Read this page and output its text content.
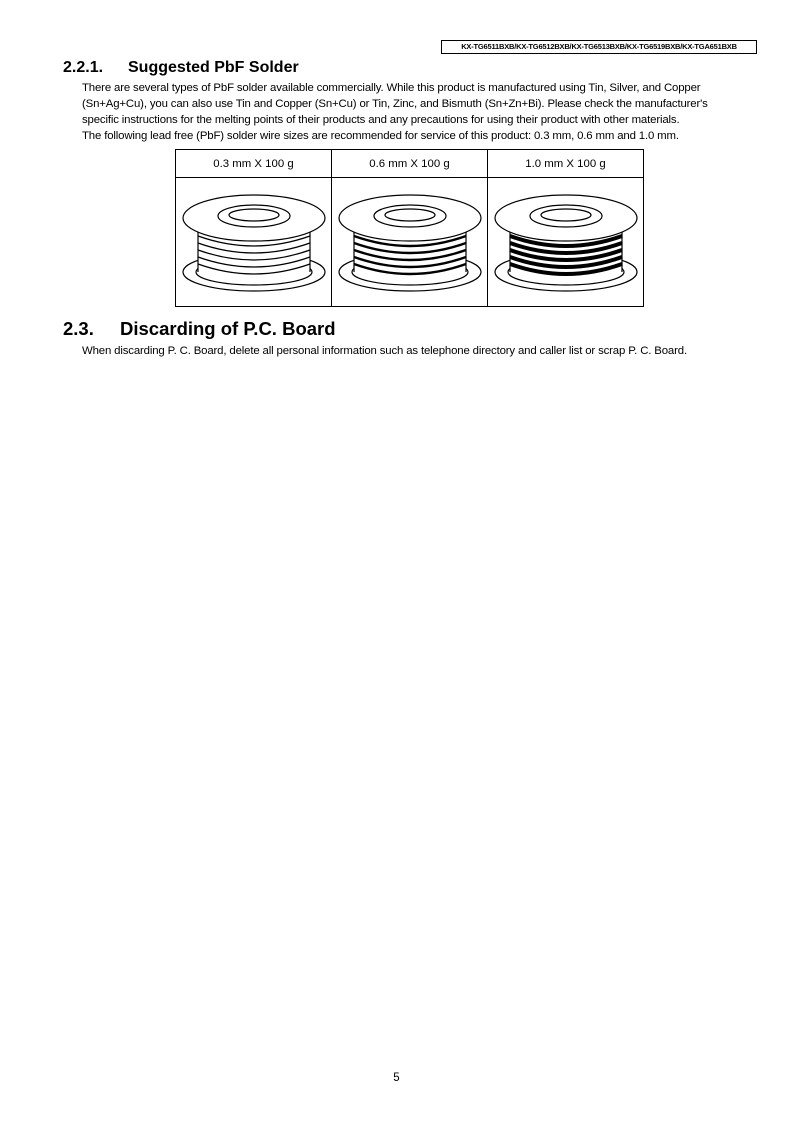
KX-TG6511BXB/KX-TG6512BXB/KX-TG6513BXB/KX-TG6519BXB/KX-TGA651BXB
2.2.1. Suggested PbF Solder
There are several types of PbF solder available commercially. While this product is manufactured using Tin, Silver, and Copper
(Sn+Ag+Cu), you can also use Tin and Copper (Sn+Cu) or Tin, Zinc, and Bismuth (Sn+Zn+Bi). Please check the manufacturer's
specific instructions for the melting points of their products and any precautions for using their product with other materials.
The following lead free (PbF) solder wire sizes are recommended for service of this product: 0.3 mm, 0.6 mm and 1.0 mm.
0.3 mm X 100 g	0.6 mm X 100 g	1.0 mm X 100 g

2.3. Discarding of P.C. Board
When discarding P. C. Board, delete all personal information such as telephone directory and caller list or scrap P. C. Board.
5
